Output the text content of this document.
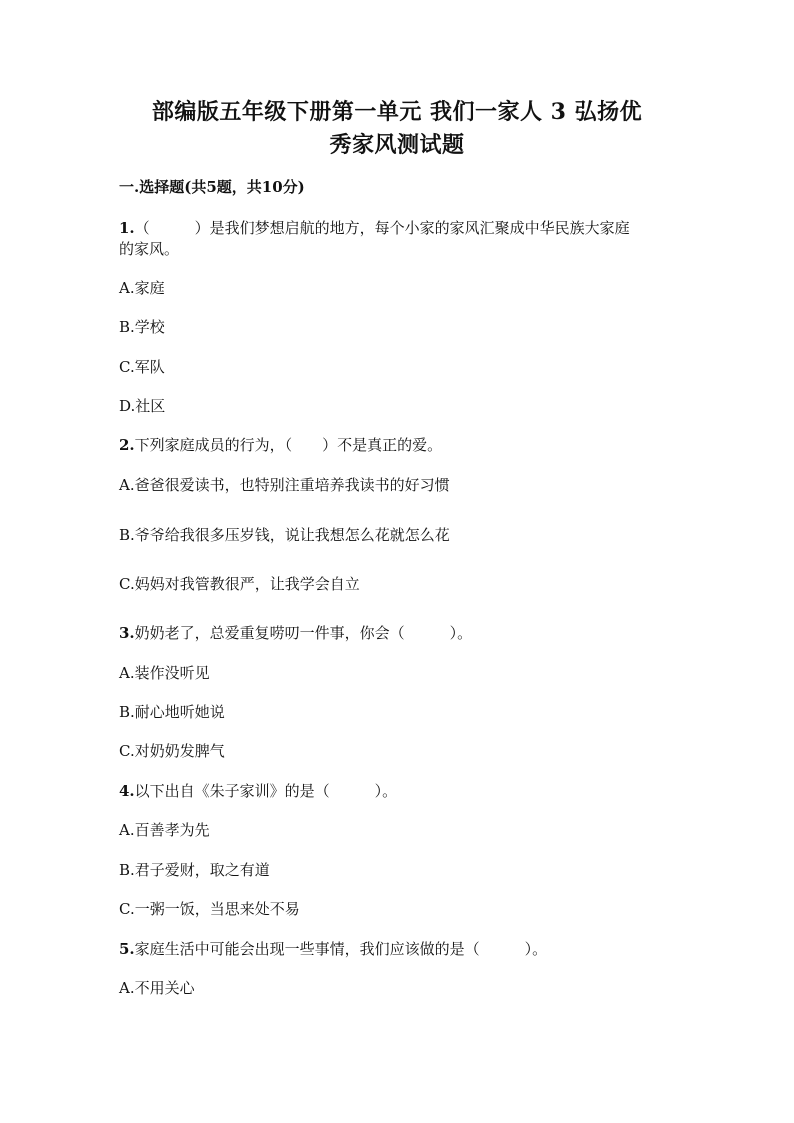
部编版五年级下册第一单元 我们一家人 3 弘扬优
秀家风测试题
一.选择题(共5题，共10分)
1.（　　　）是我们梦想启航的地方，每个小家的家风汇聚成中华民族大家庭
的家风。
A.家庭
B.学校
C.军队
D.社区
2.下列家庭成员的行为，（　　）不是真正的爱。
A.爸爸很爱读书，也特别注重培养我读书的好习惯
B.爷爷给我很多压岁钱，说让我想怎么花就怎么花
C.妈妈对我管教很严，让我学会自立
3.奶奶老了，总爱重复唠叨一件事，你会（　　　）。
A.装作没听见
B.耐心地听她说
C.对奶奶发脾气
4.以下出自《朱子家训》的是（　　　）。
A.百善孝为先
B.君子爱财，取之有道
C.一粥一饭，当思来处不易
5.家庭生活中可能会出现一些事情，我们应该做的是（　　　）。
A.不用关心
